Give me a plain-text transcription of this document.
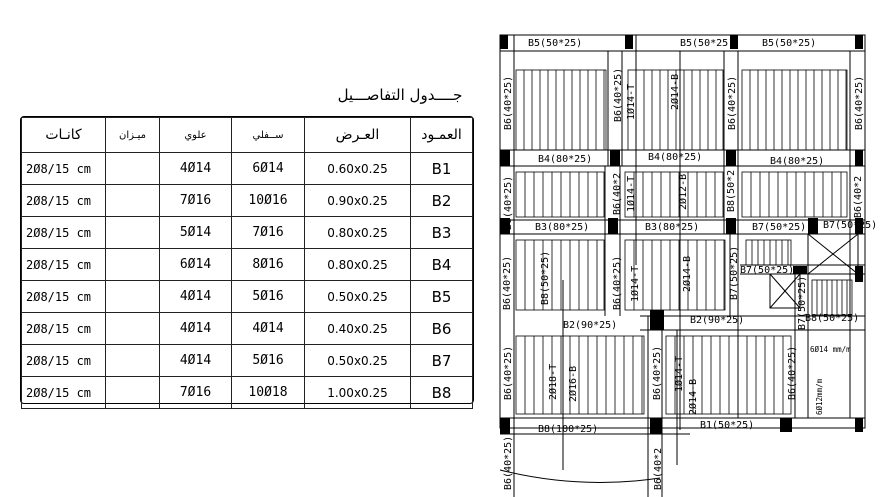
جــــدول التفاصـــيل
كانـات	ميـزان	علوي	ســفلي	العـرض	العمـود
2Ø8/15 cm		4Ø14	6Ø14	0.60x0.25	B1
2Ø8/15 cm		7Ø16	10Ø16	0.90x0.25	B2
2Ø8/15 cm		5Ø14	7Ø16	0.80x0.25	B3
2Ø8/15 cm		6Ø14	8Ø16	0.80x0.25	B4
2Ø8/15 cm		4Ø14	5Ø16	0.50x0.25	B5
2Ø8/15 cm		4Ø14	4Ø14	0.40x0.25	B6
2Ø8/15 cm		4Ø14	5Ø16	0.50x0.25	B7
2Ø8/15 cm		7Ø16	10Ø18	1.00x0.25	B8
B5(50*25)	B5(50*25)	B5(50*25)
B4(80*25)	B4(80*25)	B4(80*25)
B3(80*25)	B3(80*25)	B7(50*25) B7(50*25)
B7(50*25)
B2(90*25)	B2(90*25)	B8(50*25)
B8(100*25)	B1(50*25)
B6(40*25)	B6(40*25)	B6(40*25)	B6(40*25)
B6(40*25)
B6(40*25)
B6(40*25)
B6(40*25)
B6(40*2	B6(40*2
B6(40*25)	B6(40*25)
B6(40*25)	B6(40*2
B8(50*2
B8(50*25)	B7(50*25)
B7(50*25)
2Ø14-B
1Ø14-T
1Ø14-T	2Ø12-B
1Ø14-T	2Ø14-B
2Ø18-T 2Ø16-B	1Ø14-T
2Ø14-B
6Ø14 mm/m
6Ø12mm/m
